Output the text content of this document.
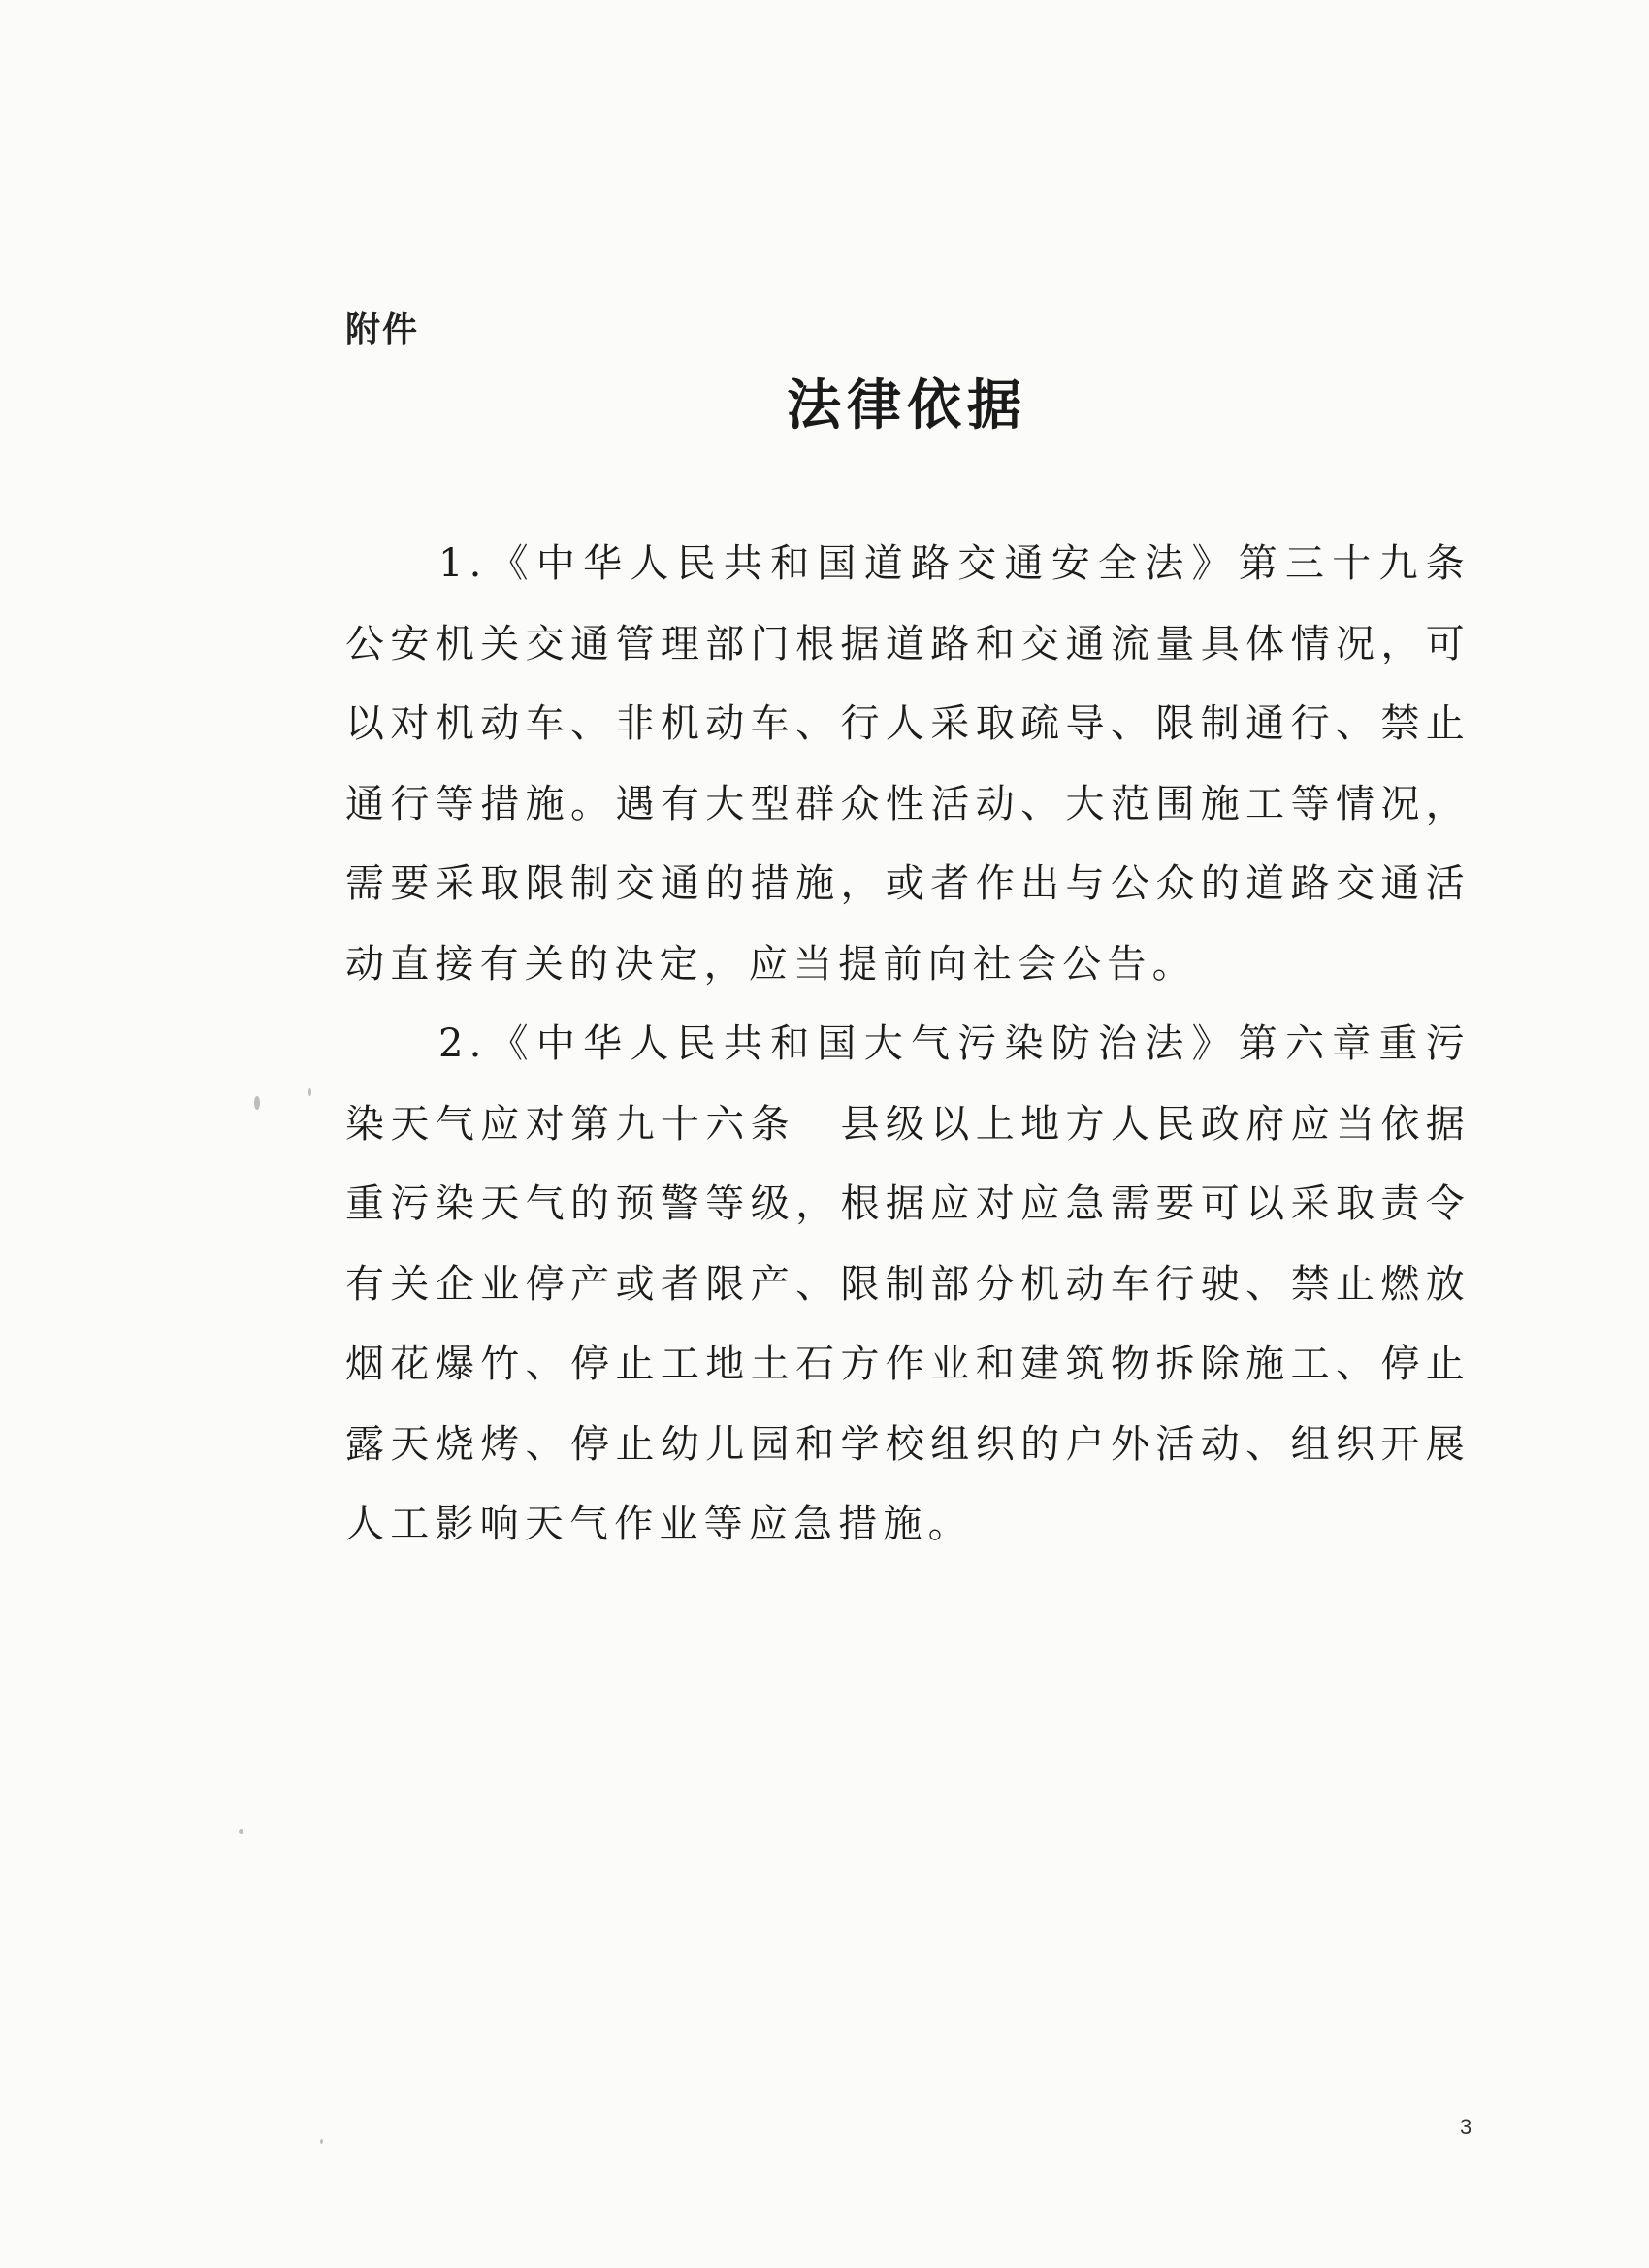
附件
法律依据

1.《中华人民共和国道路交通安全法》第三十九条 公安机关交通管理部门根据道路和交通流量具体情况，可以对机动车、非机动车、行人采取疏导、限制通行、禁止通行等措施。遇有大型群众性活动、大范围施工等情况，需要采取限制交通的措施，或者作出与公众的道路交通活动直接有关的决定，应当提前向社会公告。

2.《中华人民共和国大气污染防治法》第六章重污染天气应对第九十六条　县级以上地方人民政府应当依据重污染天气的预警等级，根据应对应急需要可以采取责令有关企业停产或者限产、限制部分机动车行驶、禁止燃放烟花爆竹、停止工地土石方作业和建筑物拆除施工、停止露天烧烤、停止幼儿园和学校组织的户外活动、组织开展人工影响天气作业等应急措施。

3
